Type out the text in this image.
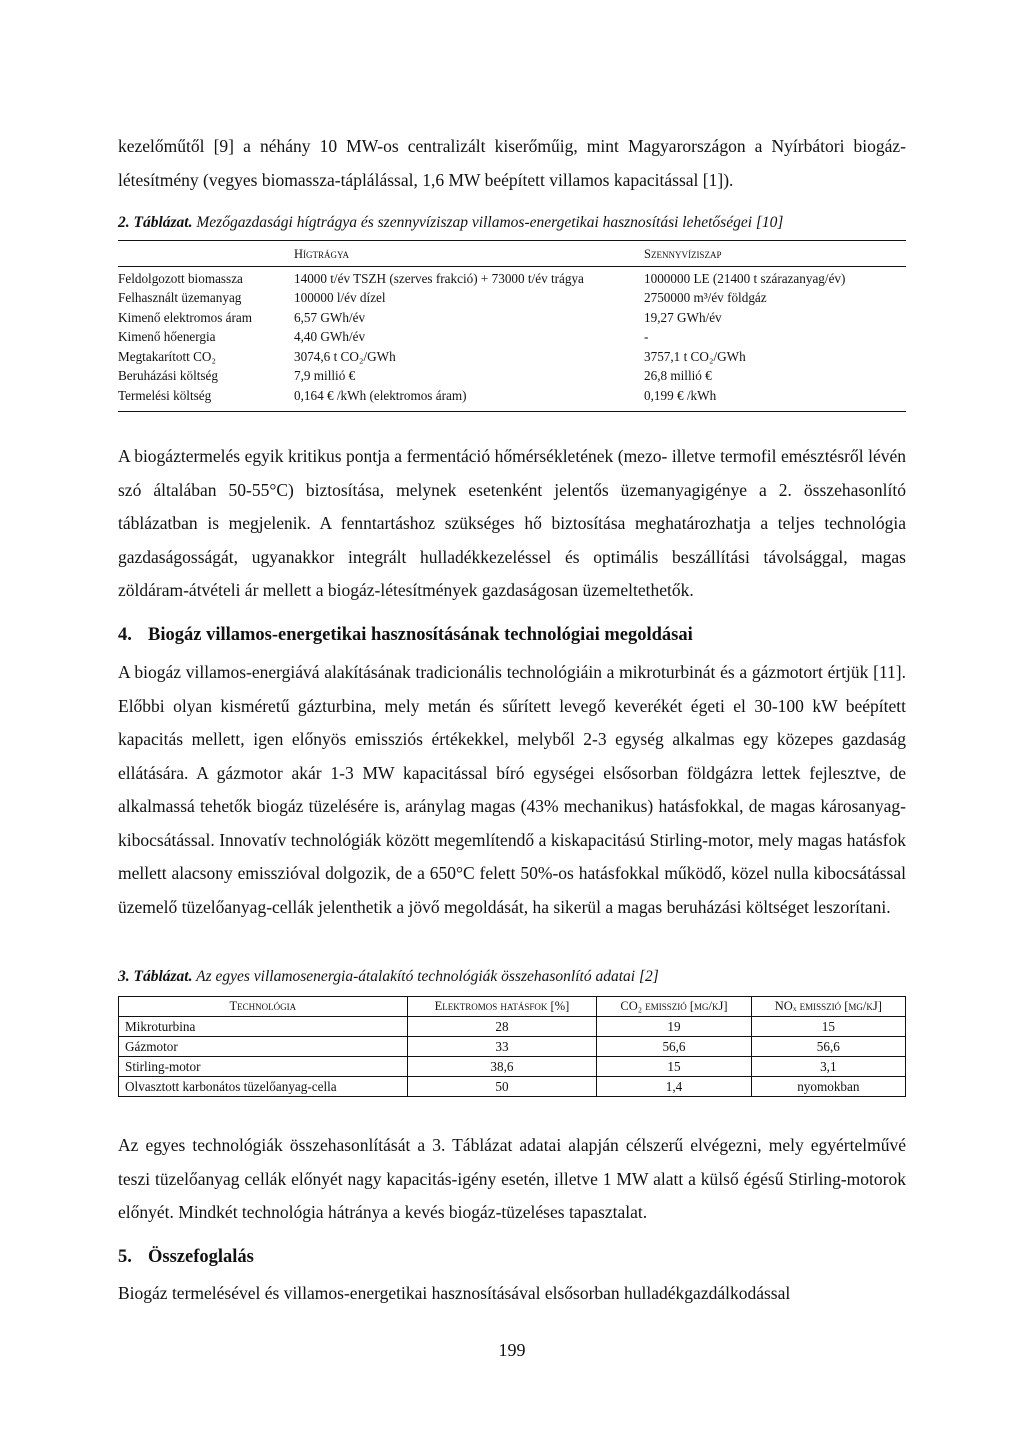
kezelőműtől [9] a néhány 10 MW-os centralizált kiserőműig, mint Magyarországon a Nyírbátori biogáz-létesítmény (vegyes biomassza-táplálással, 1,6 MW beépített villamos kapacitással [1]).

2. Táblázat. Mezőgazdasági hígtrágya és szennyvíziszap villamos-energetikai hasznosítási lehetőségei [10]

	Hígtrágya	Szennyvíziszap
Feldolgozott biomassza	14000 t/év TSZH (szerves frakció) + 73000 t/év trágya	1000000 LE (21400 t szárazanyag/év)
Felhasznált üzemanyag	100000 l/év dízel	2750000 m³/év földgáz
Kimenő elektromos áram	6,57 GWh/év	19,27 GWh/év
Kimenő hőenergia	4,40 GWh/év	-
Megtakarított CO₂	3074,6 t CO₂/GWh	3757,1 t CO₂/GWh
Beruházási költség	7,9 millió €	26,8 millió €
Termelési költség	0,164 € /kWh (elektromos áram)	0,199 € /kWh

A biogáztermelés egyik kritikus pontja a fermentáció hőmérsékletének (mezo- illetve termofil emésztésről lévén szó általában 50-55°C) biztosítása, melynek esetenként jelentős üzemanyagigénye a 2. összehasonlító táblázatban is megjelenik. A fenntartáshoz szükséges hő biztosítása meghatározhatja a teljes technológia gazdaságosságát, ugyanakkor integrált hulladékkezeléssel és optimális beszállítási távolsággal, magas zöldáram-átvételi ár mellett a biogáz-létesítmények gazdaságosan üzemeltethetők.

4. Biogáz villamos-energetikai hasznosításának technológiai megoldásai

A biogáz villamos-energiává alakításának tradicionális technológiáin a mikroturbinát és a gázmotort értjük [11]. Előbbi olyan kisméretű gázturbina, mely metán és sűrített levegő keverékét égeti el 30-100 kW beépített kapacitás mellett, igen előnyös emissziós értékekkel, melyből 2-3 egység alkalmas egy közepes gazdaság ellátására. A gázmotor akár 1-3 MW kapacitással bíró egységei elsősorban földgázra lettek fejlesztve, de alkalmassá tehetők biogáz tüzelésére is, aránylag magas (43% mechanikus) hatásfokkal, de magas károsanyag-kibocsátással. Innovatív technológiák között megemlítendő a kiskapacitású Stirling-motor, mely magas hatásfok mellett alacsony emisszióval dolgozik, de a 650°C felett 50%-os hatásfokkal működő, közel nulla kibocsátással üzemelő tüzelőanyag-cellák jelenthetik a jövő megoldását, ha sikerül a magas beruházási költséget leszorítani.

3. Táblázat. Az egyes villamosenergia-átalakító technológiák összehasonlító adatai [2]

Technológia	Elektromos hatásfok [%]	CO₂ emisszió [µg/kJ]	NOₓ emisszió [µg/kJ]
Mikroturbina	28	19	15
Gázmotor	33	56,6	56,6
Stirling-motor	38,6	15	3,1
Olvasztott karbonátos tüzelőanyag-cella	50	1,4	nyomokban

Az egyes technológiák összehasonlítását a 3. Táblázat adatai alapján célszerű elvégezni, mely egyértelművé teszi tüzelőanyag cellák előnyét nagy kapacitás-igény esetén, illetve 1 MW alatt a külső égésű Stirling-motorok előnyét. Mindkét technológia hátránya a kevés biogáz-tüzeléses tapasztalat.

5. Összefoglalás

Biogáz termelésével és villamos-energetikai hasznosításával elsősorban hulladékgazdálkodással

199
